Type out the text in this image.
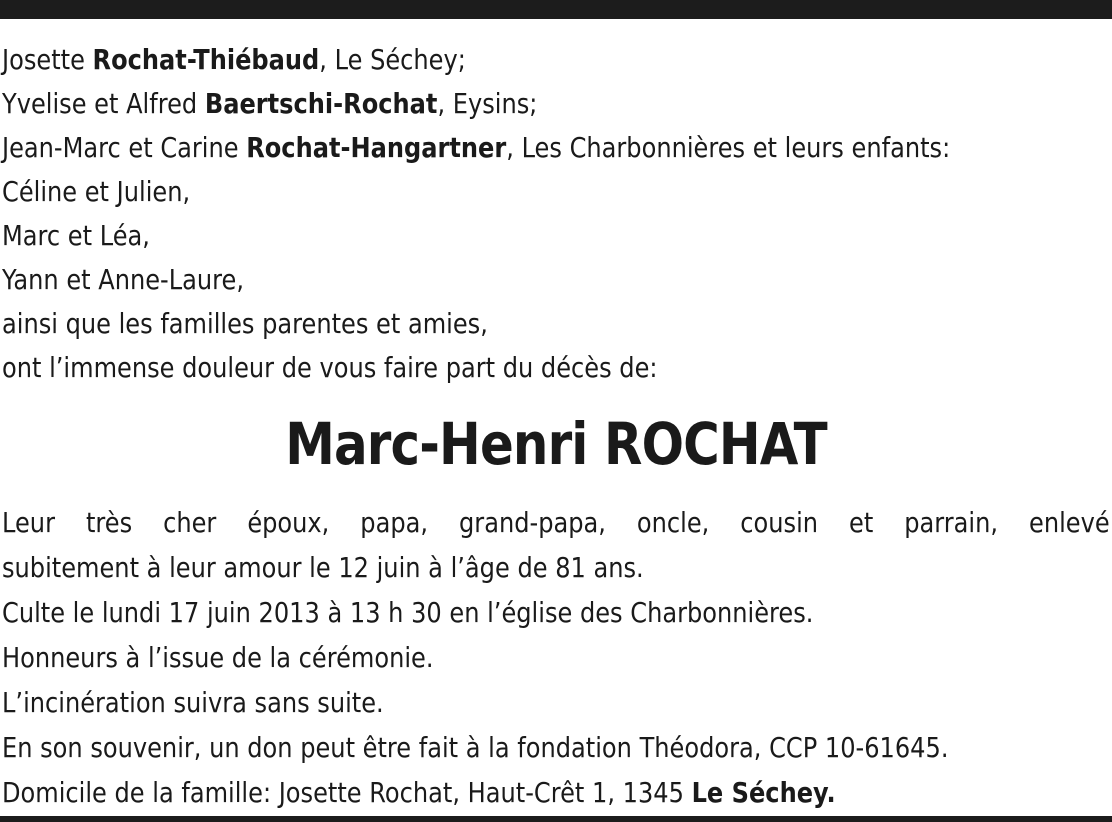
Josette Rochat-Thiébaud, Le Séchey;
Yvelise et Alfred Baertschi-Rochat, Eysins;
Jean-Marc et Carine Rochat-Hangartner, Les Charbonnières et leurs enfants:
Céline et Julien,
Marc et Léa,
Yann et Anne-Laure,
ainsi que les familles parentes et amies,
ont l’immense douleur de vous faire part du décès de:
Marc-Henri ROCHAT
Leur très cher époux, papa, grand-papa, oncle, cousin et parrain, enlevé
subitement à leur amour le 12 juin à l’âge de 81 ans.
Culte le lundi 17 juin 2013 à 13 h 30 en l’église des Charbonnières.
Honneurs à l’issue de la cérémonie.
L’incinération suivra sans suite.
En son souvenir, un don peut être fait à la fondation Théodora, CCP 10-61645.
Domicile de la famille: Josette Rochat, Haut-Crêt 1, 1345 Le Séchey.
